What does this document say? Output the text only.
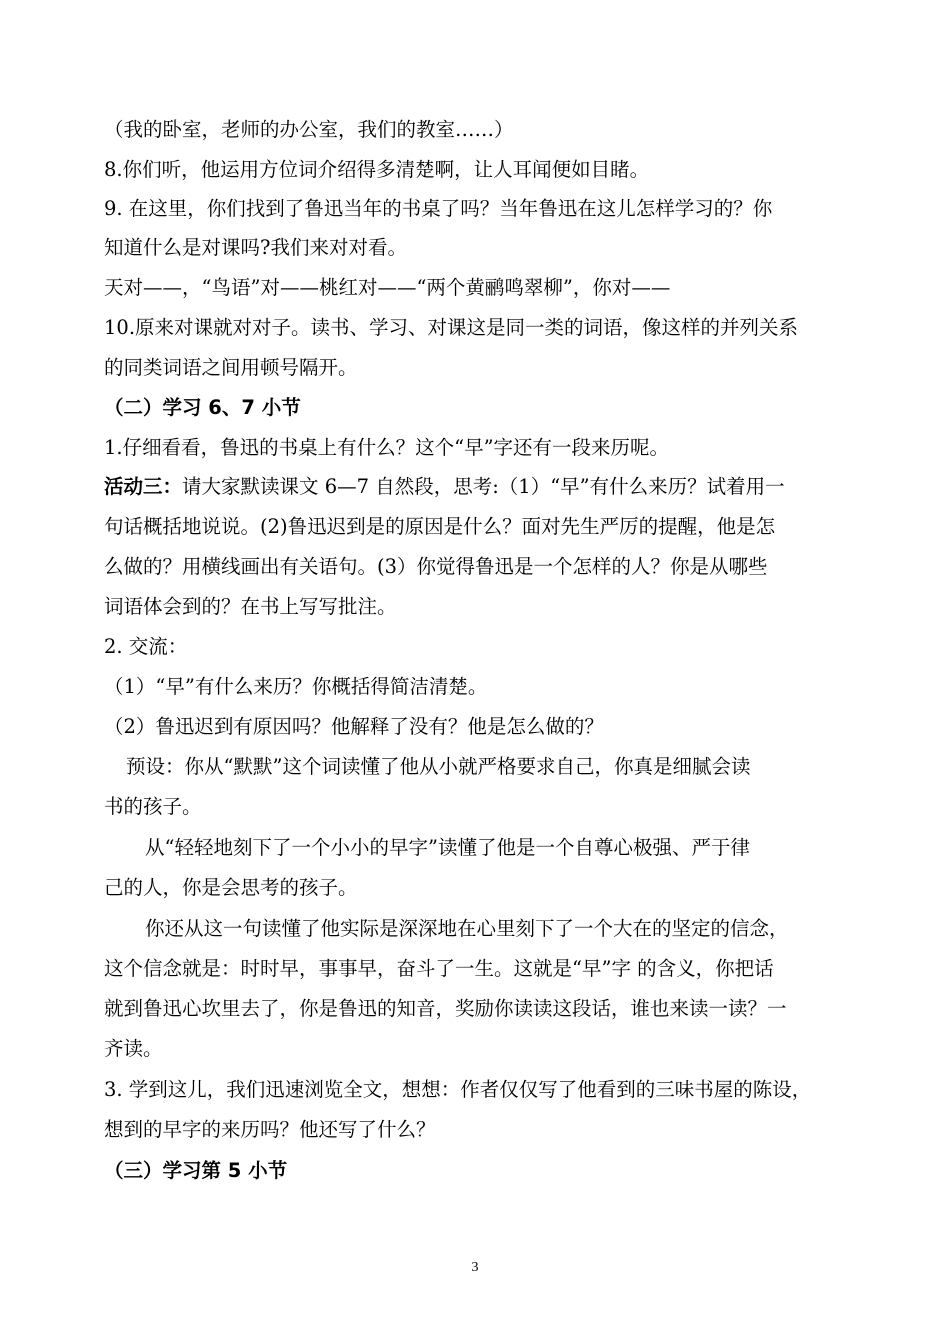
（我的卧室，老师的办公室，我们的教室……）
8.你们听，他运用方位词介绍得多清楚啊，让人耳闻便如目睹。
9. 在这里，你们找到了鲁迅当年的书桌了吗？当年鲁迅在这儿怎样学习的？你
知道什么是对课吗?我们来对对看。
天对——，“鸟语”对——桃红对——“两个黄鹂鸣翠柳”，你对——
10.原来对课就对对子。读书、学习、对课这是同一类的词语，像这样的并列关系
的同类词语之间用顿号隔开。
（二）学习 6、7 小节
1.仔细看看，鲁迅的书桌上有什么？这个“早”字还有一段来历呢。
活动三：请大家默读课文 6—7 自然段，思考:（1）“早”有什么来历？试着用一
句话概括地说说。(2)鲁迅迟到是的原因是什么？面对先生严厉的提醒，他是怎
么做的？用横线画出有关语句。(3）你觉得鲁迅是一个怎样的人？你是从哪些
词语体会到的？在书上写写批注。
2. 交流：
（1）“早”有什么来历？你概括得简洁清楚。
（2）鲁迅迟到有原因吗？他解释了没有？他是怎么做的？
预设：你从“默默”这个词读懂了他从小就严格要求自己，你真是细腻会读
书的孩子。
从“轻轻地刻下了一个小小的早字”读懂了他是一个自尊心极强、严于律
己的人，你是会思考的孩子。
你还从这一句读懂了他实际是深深地在心里刻下了一个大在的坚定的信念，
这个信念就是：时时早，事事早，奋斗了一生。这就是“早”字 的含义，你把话
就到鲁迅心坎里去了，你是鲁迅的知音，奖励你读读这段话，谁也来读一读？一
齐读。
3. 学到这儿，我们迅速浏览全文，想想：作者仅仅写了他看到的三味书屋的陈设，
想到的早字的来历吗？他还写了什么？
（三）学习第 5 小节
3
